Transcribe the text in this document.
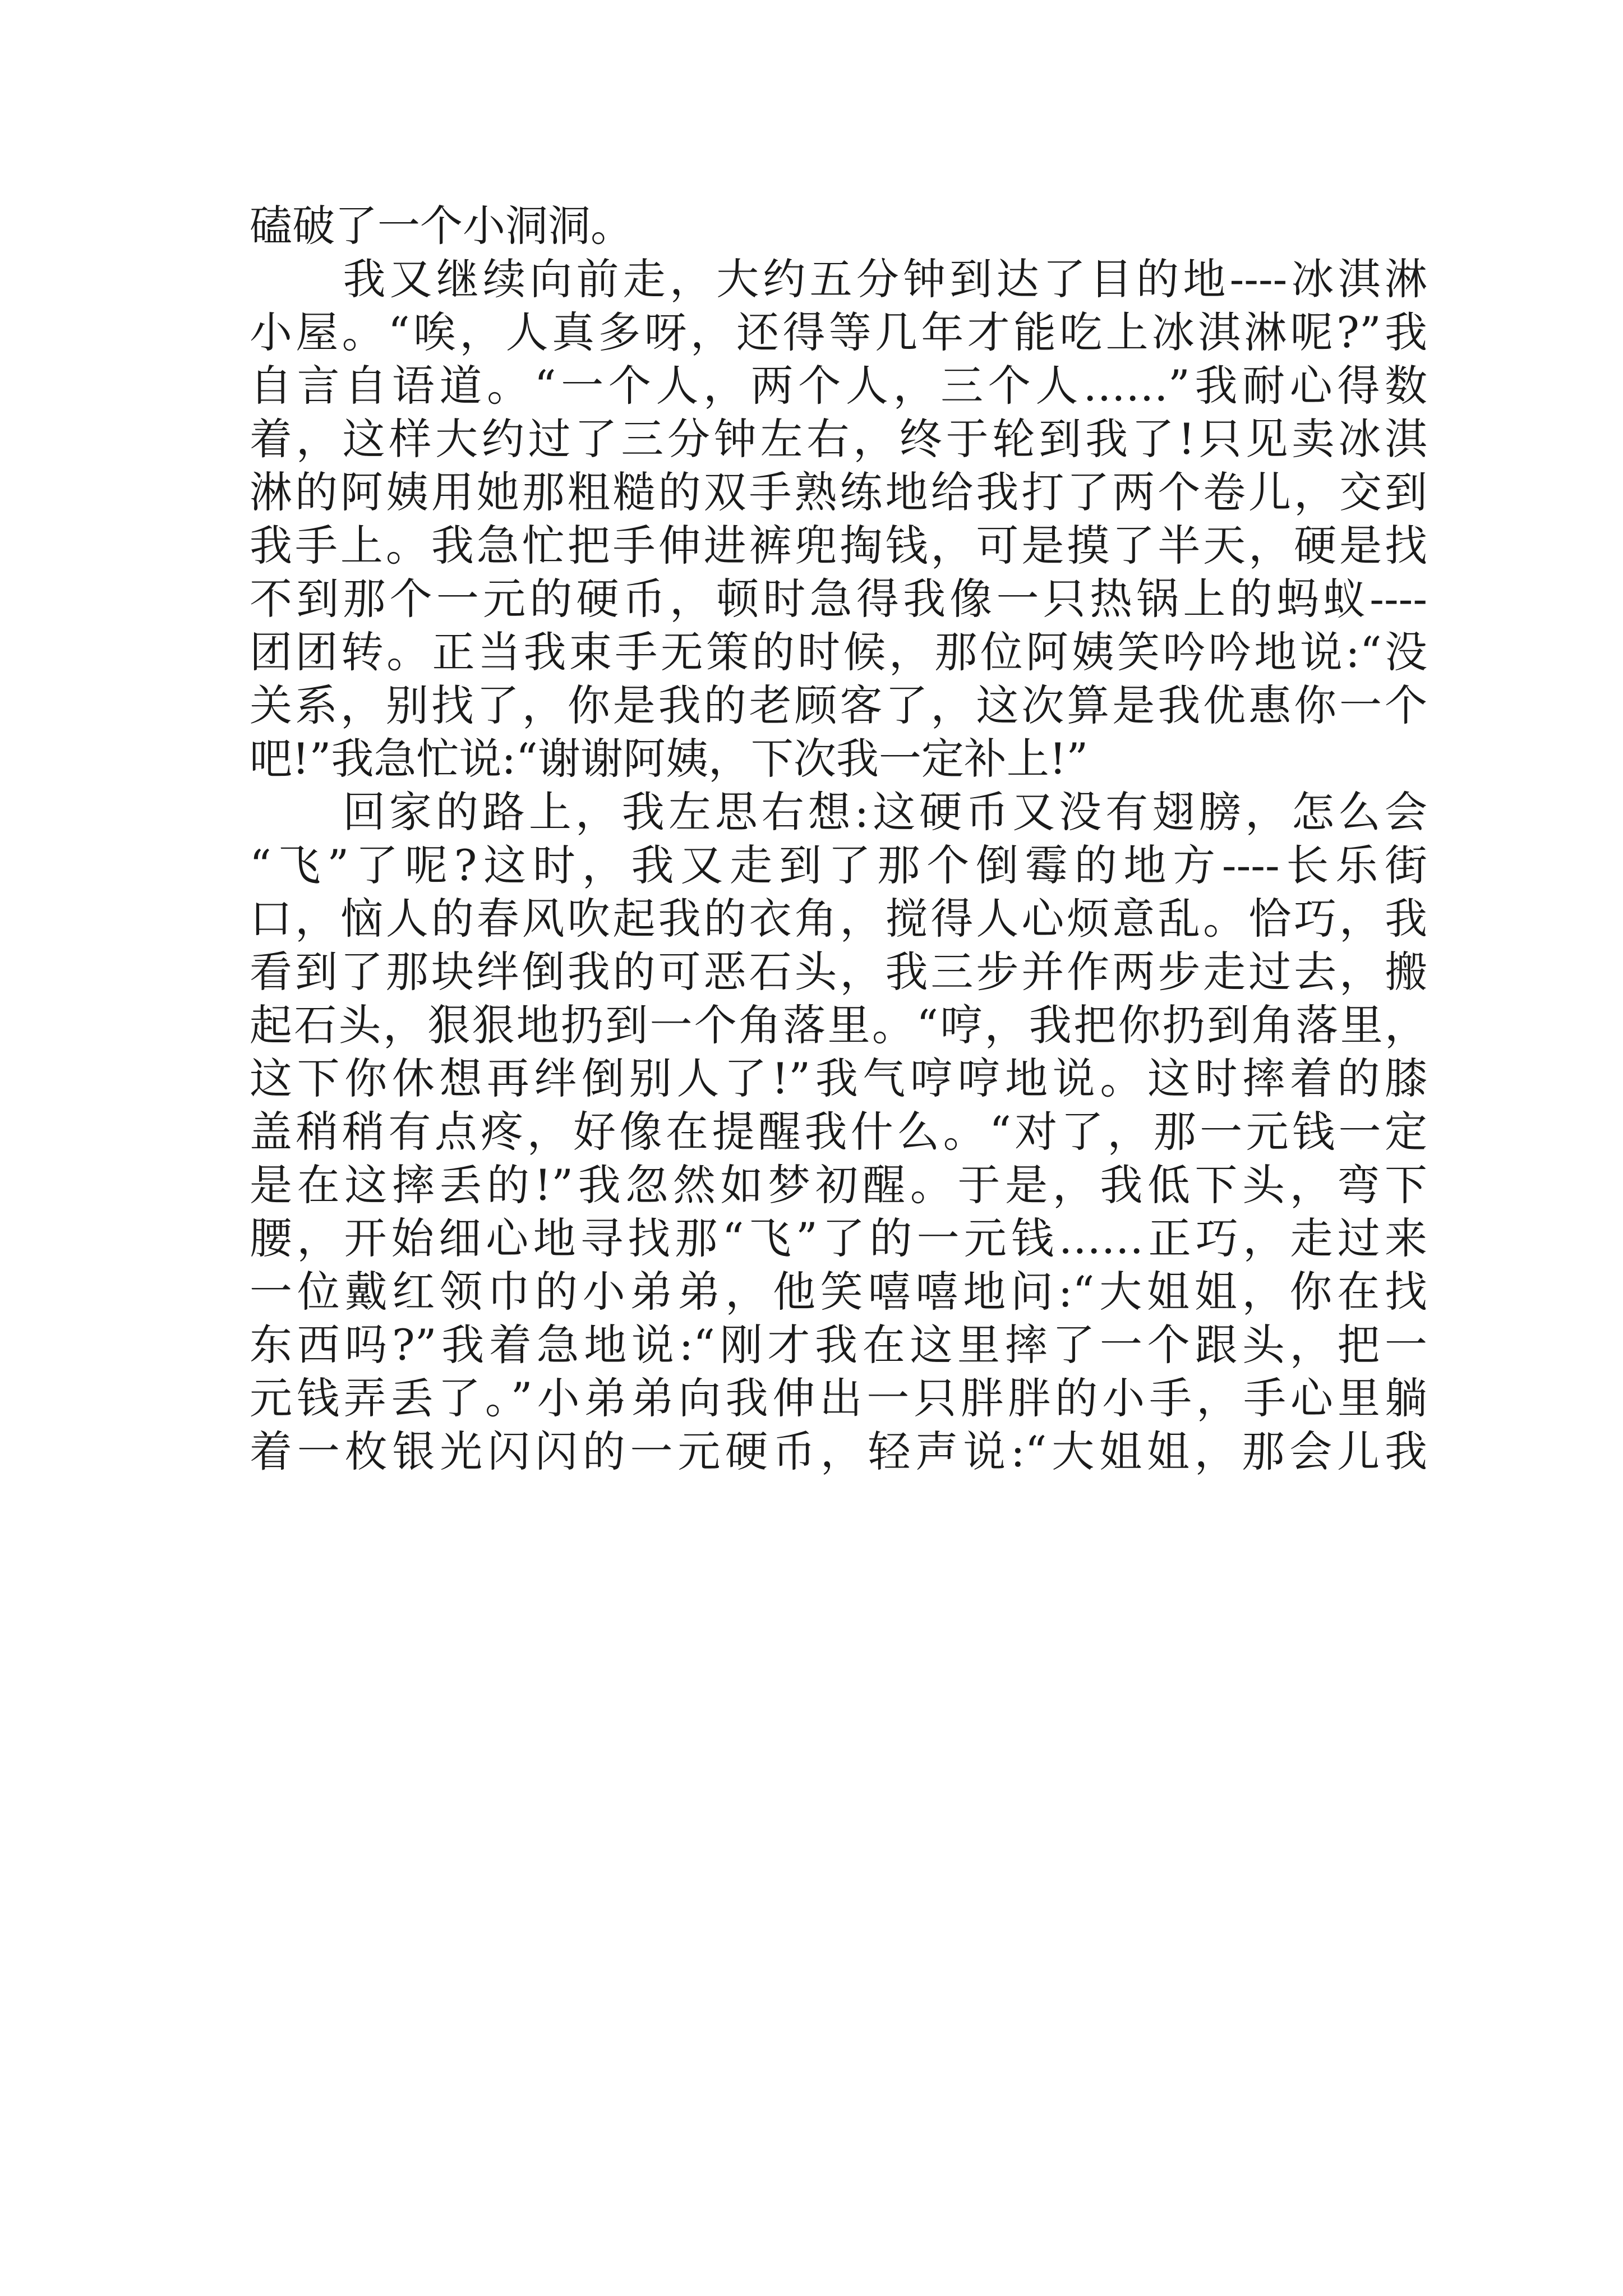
磕破了一个小洞洞。
　　我又继续向前走，大约五分钟到达了目的地----冰淇淋
小屋。“唉，人真多呀，还得等几年才能吃上冰淇淋呢?”我
自言自语道。“一个人，两个人，三个人……”我耐心得数
着，这样大约过了三分钟左右，终于轮到我了!只见卖冰淇
淋的阿姨用她那粗糙的双手熟练地给我打了两个卷儿，交到
我手上。我急忙把手伸进裤兜掏钱，可是摸了半天，硬是找
不到那个一元的硬币，顿时急得我像一只热锅上的蚂蚁----
团团转。正当我束手无策的时候，那位阿姨笑吟吟地说:“没
关系，别找了，你是我的老顾客了，这次算是我优惠你一个
吧!”我急忙说:“谢谢阿姨，下次我一定补上!”
　　回家的路上，我左思右想:这硬币又没有翅膀，怎么会
“飞”了呢?这时，我又走到了那个倒霉的地方----长乐街
口，恼人的春风吹起我的衣角，搅得人心烦意乱。恰巧，我
看到了那块绊倒我的可恶石头，我三步并作两步走过去，搬
起石头，狠狠地扔到一个角落里。“哼，我把你扔到角落里，
这下你休想再绊倒别人了!”我气哼哼地说。这时摔着的膝
盖稍稍有点疼，好像在提醒我什么。“对了，那一元钱一定
是在这摔丢的!”我忽然如梦初醒。于是，我低下头，弯下
腰，开始细心地寻找那“飞”了的一元钱……正巧，走过来
一位戴红领巾的小弟弟，他笑嘻嘻地问:“大姐姐，你在找
东西吗?”我着急地说:“刚才我在这里摔了一个跟头，把一
元钱弄丢了。”小弟弟向我伸出一只胖胖的小手，手心里躺
着一枚银光闪闪的一元硬币，轻声说:“大姐姐，那会儿我
